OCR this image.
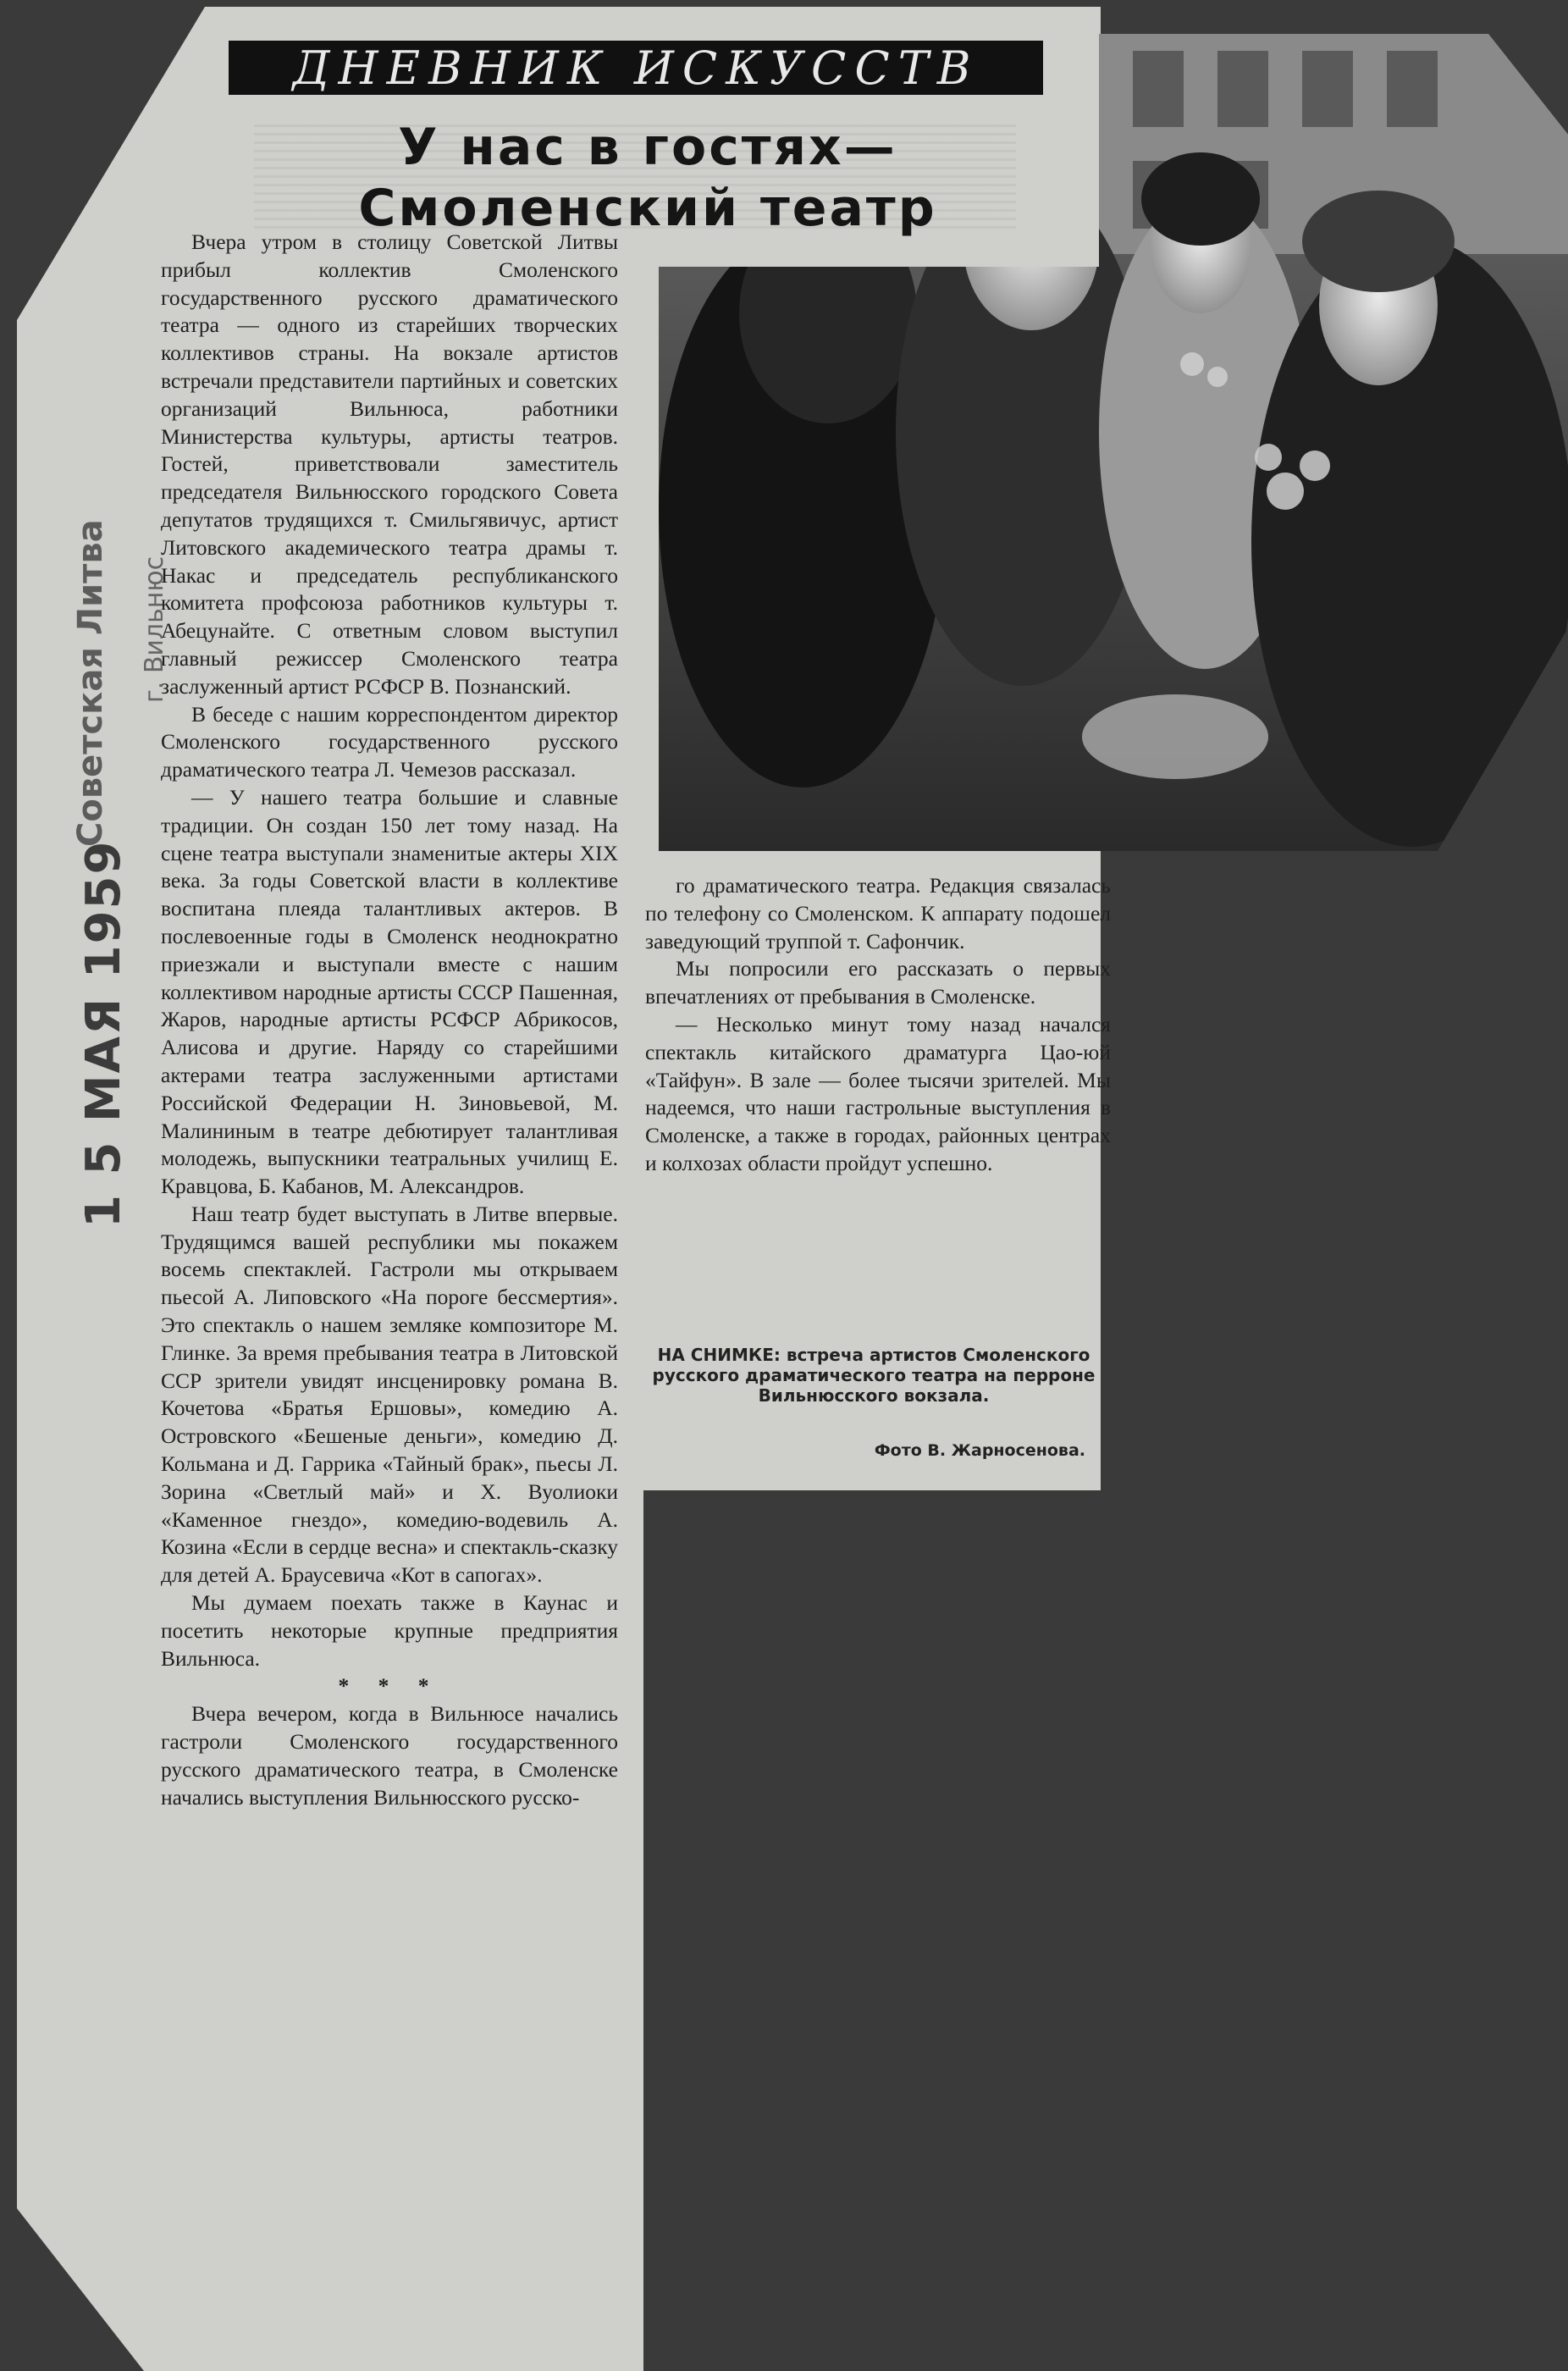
ДНЕВНИК ИСКУССТВ
У нас в гостях—
Смоленский театр

Вчера утром в столицу Советской Литвы прибыл коллектив Смоленского государственного русского драматического театра — одного из старейших творческих коллективов страны. На вокзале артистов встречали представители партийных и советских организаций Вильнюса, работники Министерства культуры, артисты театров. Гостей, приветствовали заместитель председателя Вильнюсского городского Совета депутатов трудящихся т. Смильгявичус, артист Литовского академического театра драмы т. Накас и председатель республиканского комитета профсоюза работников культуры т. Абецунайте. С ответным словом выступил главный режиссер Смоленского театра заслуженный артист РСФСР В. Познанский.

В беседе с нашим корреспондентом директор Смоленского государственного русского драматического театра Л. Чемезов рассказал.

— У нашего театра большие и славные традиции. Он создан 150 лет тому назад. На сцене театра выступали знаменитые актеры XIX века. За годы Советской власти в коллективе воспитана плеяда талантливых актеров. В послевоенные годы в Смоленск неоднократно приезжали и выступали вместе с нашим коллективом народные артисты СССР Пашенная, Жаров, народные артисты РСФСР Абрикосов, Алисова и другие. Наряду со старейшими актерами театра заслуженными артистами Российской Федерации Н. Зиновьевой, М. Малининым в театре дебютирует талантливая молодежь, выпускники театральных училищ Е. Кравцова, Б. Кабанов, М. Александров.

Наш театр будет выступать в Литве впервые. Трудящимся вашей республики мы покажем восемь спектаклей. Гастроли мы открываем пьесой А. Липовского «На пороге бессмертия». Это спектакль о нашем земляке композиторе М. Глинке. За время пребывания театра в Литовской ССР зрители увидят инсценировку романа В. Кочетова «Братья Ершовы», комедию А. Островского «Бешеные деньги», комедию Д. Кольмана и Д. Гаррика «Тайный брак», пьесы Л. Зорина «Светлый май» и Х. Вуолиоки «Каменное гнездо», комедию-водевиль А. Козина «Если в сердце весна» и спектакль-сказку для детей А. Браусевича «Кот в сапогах».

Мы думаем поехать также в Каунас и посетить некоторые крупные предприятия Вильнюса.

* * *

Вчера вечером, когда в Вильнюсе начались гастроли Смоленского государственного русского драматического театра, в Смоленске начались выступления Вильнюсского русско-

го драматического театра. Редакция связалась по телефону со Смоленском. К аппарату подошел заведующий труппой т. Сафончик.

Мы попросили его рассказать о первых впечатлениях от пребывания в Смоленске.

— Несколько минут тому назад начался спектакль китайского драматурга Цао-юй «Тайфун». В зале — более тысячи зрителей. Мы надеемся, что наши гастрольные выступления в Смоленске, а также в городах, районных центрах и колхозах области пройдут успешно.

НА СНИМКЕ: встреча артистов Смоленского русского драматического театра на перроне Вильнюсского вокзала.
Фото В. Жарносенова.
Советская Литва	г. Вильнюс
1 5 МАЯ 1959
